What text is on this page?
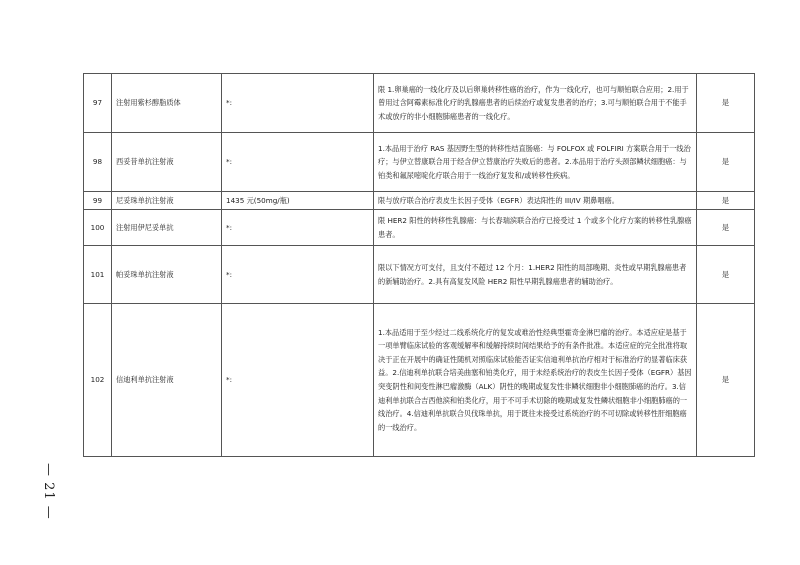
97	注射用紫杉醇脂质体	*:	限 1.卵巢癌的一线化疗及以后卵巢转移性癌的治疗，作为一线化疗，也可与顺铂联合应用；2.用于曾用过含阿霉素标准化疗的乳腺癌患者的后续治疗或复发患者的治疗；3.可与顺铂联合用于不能手术或放疗的非小细胞肺癌患者的一线化疗。	是
98	西妥昔单抗注射液	*:	1.本品用于治疗 RAS 基因野生型的转移性结直肠癌：与 FOLFOX 或 FOLFIRI 方案联合用于一线治疗；与伊立替康联合用于经含伊立替康治疗失败后的患者。2.本品用于治疗头颈部鳞状细胞癌：与铂类和氟尿嘧啶化疗联合用于一线治疗复发和/或转移性疾病。	是
99	尼妥珠单抗注射液	1435 元(50mg/瓶)	限与放疗联合治疗表皮生长因子受体（EGFR）表达阳性的 III/IV 期鼻咽癌。	是
100	注射用伊尼妥单抗	*:	限 HER2 阳性的转移性乳腺癌：与长春瑞滨联合治疗已接受过 1 个或多个化疗方案的转移性乳腺癌患者。	是
101	帕妥珠单抗注射液	*:	限以下情况方可支付，且支付不超过 12 个月：1.HER2 阳性的局部晚期、炎性或早期乳腺癌患者的新辅助治疗。2.具有高复发风险 HER2 阳性早期乳腺癌患者的辅助治疗。	是
102	信迪利单抗注射液	*:	1.本品适用于至少经过二线系统化疗的复发或难治性经典型霍奇金淋巴瘤的治疗。本适应症是基于一项单臂临床试验的客观缓解率和缓解持续时间结果给予的有条件批准。本适应症的完全批准将取决于正在开展中的确证性随机对照临床试验能否证实信迪利单抗治疗相对于标准治疗的显著临床获益。2.信迪利单抗联合培美曲塞和铂类化疗，用于未经系统治疗的表皮生长因子受体（EGFR）基因突变阴性和间变性淋巴瘤激酶（ALK）阴性的晚期或复发性非鳞状细胞非小细胞肺癌的治疗。3.信迪利单抗联合吉西他滨和铂类化疗，用于不可手术切除的晚期或复发性鳞状细胞非小细胞肺癌的一线治疗。4.信迪利单抗联合贝伐珠单抗，用于既往未接受过系统治疗的不可切除或转移性肝细胞癌的一线治疗。	是
— 21 —
